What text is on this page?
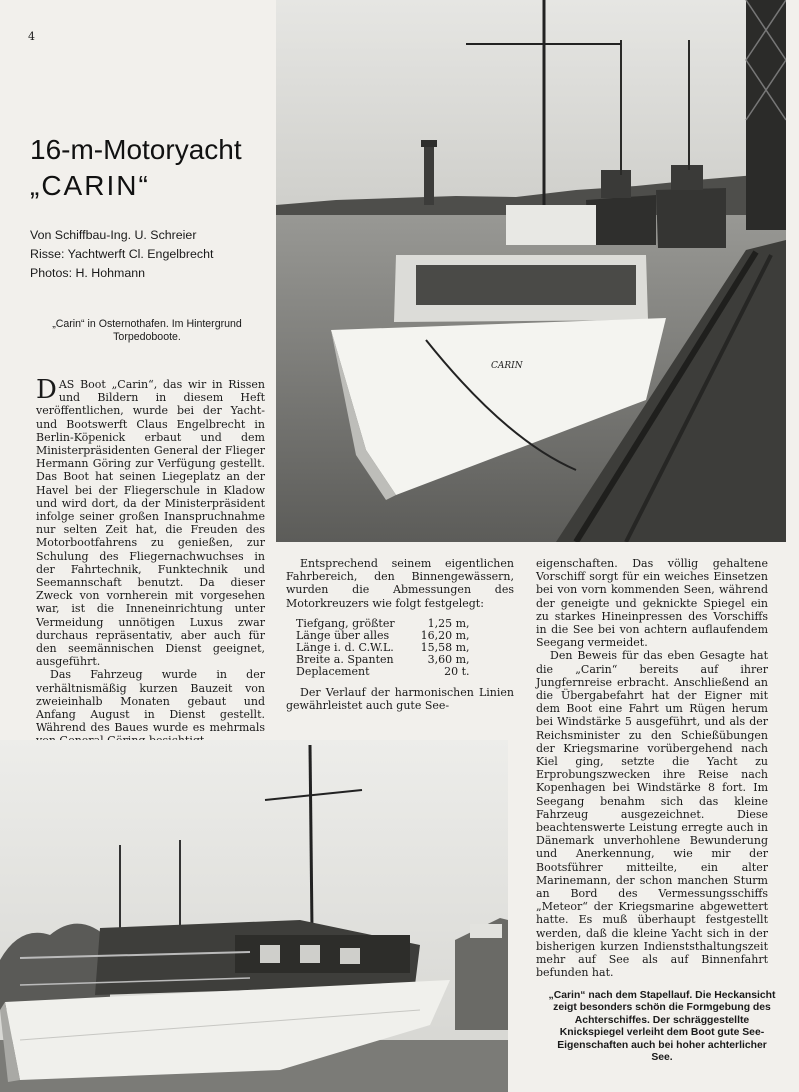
4
16-m-Motoryacht
„CARIN“
Von Schiffbau-Ing. U. Schreier
Risse: Yachtwerft Cl. Engelbrecht
Photos: H. Hohmann
„Carin“ in Osternothafen. Im Hintergrund Torpedoboote.

DAS Boot „Carin“, das wir in Rissen und Bildern in diesem Heft veröffentlichen, wurde bei der Yacht- und Bootswerft Claus Engelbrecht in Berlin-Köpenick erbaut und dem Ministerpräsidenten General der Flieger Hermann Göring zur Verfügung gestellt. Das Boot hat seinen Liegeplatz an der Havel bei der Fliegerschule in Kladow und wird dort, da der Ministerpräsident infolge seiner großen Inanspruchnahme nur selten Zeit hat, die Freuden des Motorbootfahrens zu genießen, zur Schulung des Fliegernachwuchses in der Fahrtechnik, Funktechnik und Seemannschaft benutzt. Da dieser Zweck von vornherein mit vorgesehen war, ist die Inneneinrichtung unter Vermeidung unnötigen Luxus zwar durchaus repräsentativ, aber auch für den seemännischen Dienst geeignet, ausgeführt.

Das Fahrzeug wurde in der verhältnismäßig kurzen Bauzeit von zweieinhalb Monaten gebaut und Anfang August in Dienst gestellt. Während des Baues wurde es mehrmals

Entsprechend seinem eigentlichen Fahrbereich, den Binnengewässern, wurden die Abmessungen des Motorkreuzers wie folgt festgelegt:

Tiefgang, größter	1,25 m,
Länge über alles	16,20 m,
Länge i. d. C.W.L.	15,58 m,
Breite a. Spanten	3,60 m,
Deplacement	20 t.

Der Verlauf der harmonischen Linien gewährleistet auch gute See-

eigenschaften. Das völlig gehaltene Vorschiff sorgt für ein weiches Einsetzen bei von vorn kommenden Seen, während der geneigte und geknickte Spiegel ein zu starkes Hineinpressen des Vorschiffs in die See bei von achtern auflaufendem Seegang vermeidet.

Den Beweis für das eben Gesagte hat die „Carin“ bereits auf ihrer Jungfernreise erbracht. Anschließend an die Übergabefahrt hat der Eigner mit dem Boot eine Fahrt um Rügen herum bei Windstärke 5 ausgeführt, und als der Reichsminister zu den Schießübungen der Kriegsmarine vorübergehend nach Kiel ging, setzte die Yacht zu Erprobungszwecken ihre Reise nach Kopenhagen bei Windstärke 8 fort. Im Seegang benahm sich das kleine Fahrzeug ausgezeichnet. Diese beachtenswerte Leistung erregte auch in Dänemark unverhohlene Bewunderung und Anerkennung, wie mir der Bootsführer mitteilte, ein alter Marinemann, der schon manchen Sturm an Bord des Vermessungsschiffs „Meteor“ der Kriegsmarine abgewettert hatte. Es muß überhaupt festgestellt werden, daß die kleine Yacht sich in der bisherigen kurzen Indienststhaltungszeit mehr auf See als auf Binnenfahrt befunden hat.

CARIN
„Carin“ nach dem Stapellauf. Die Heckansicht zeigt besonders schön die Formgebung des Achterschiffes. Der schräggestellte Knickspiegel verleiht dem Boot gute See-Eigenschaften auch bei hoher achterlicher See.
